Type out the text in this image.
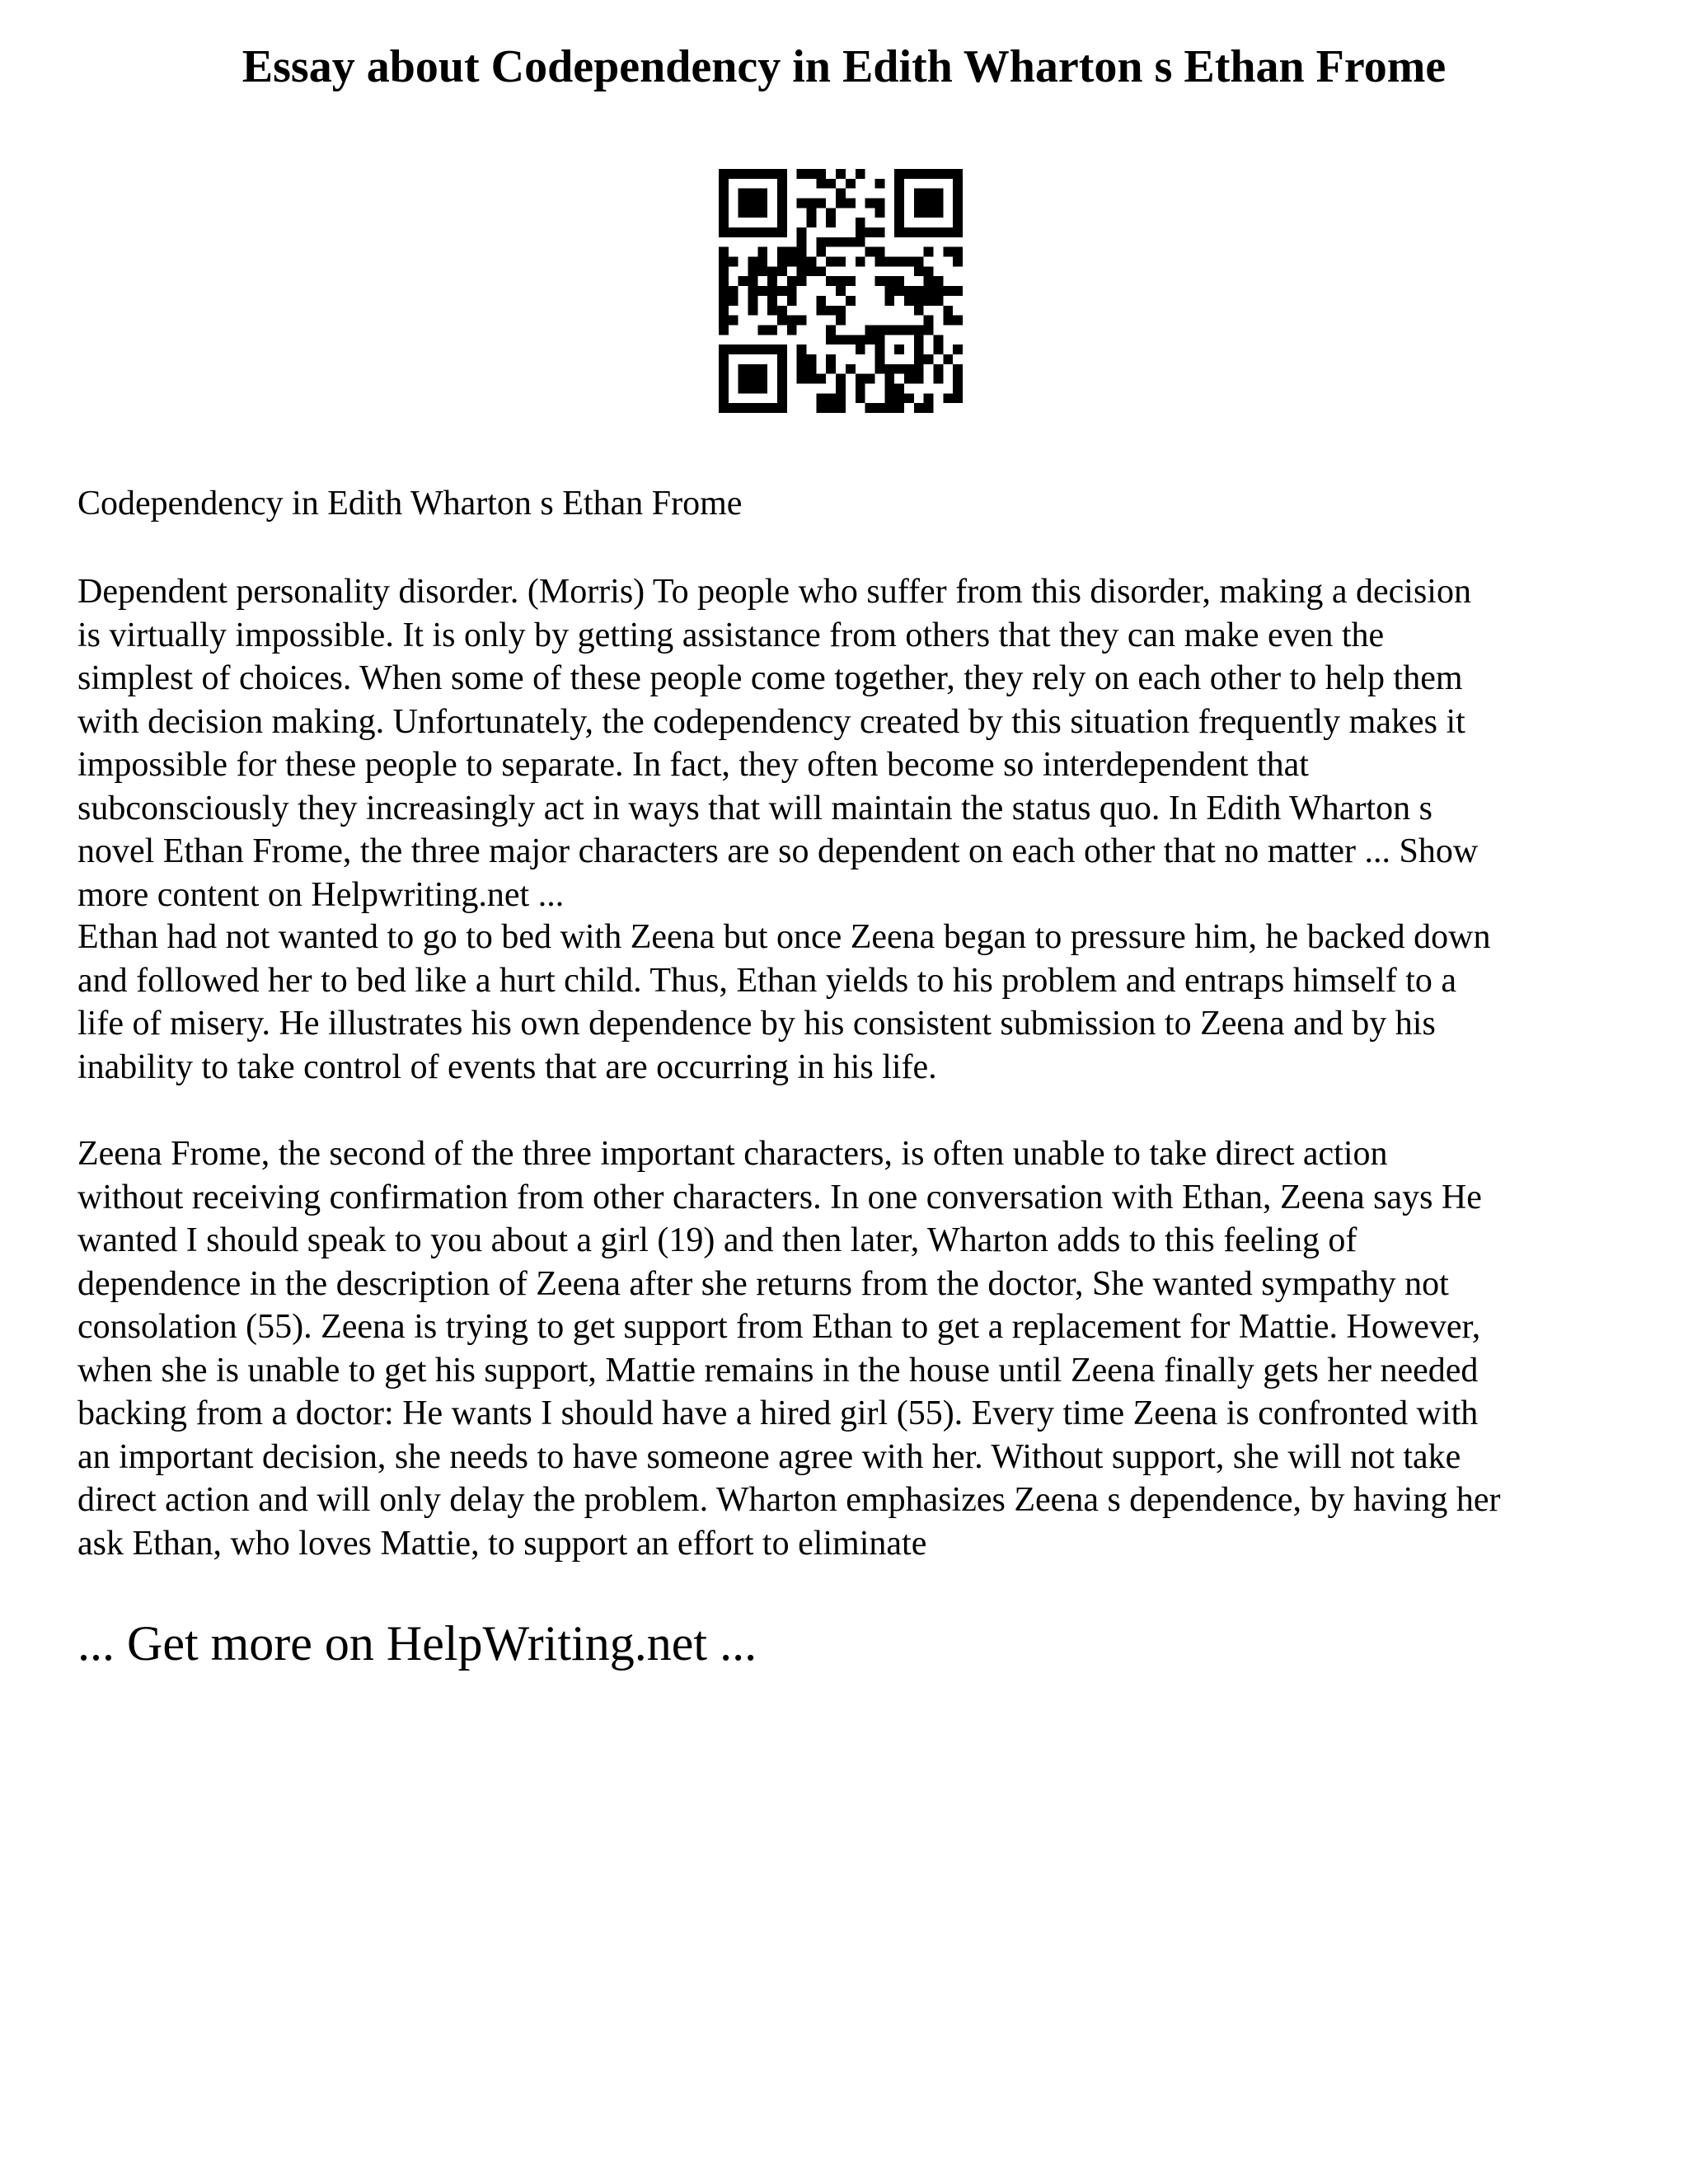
Essay about Codependency in Edith Wharton s Ethan Frome
Codependency in Edith Wharton s Ethan Frome
Dependent personality disorder. (Morris) To people who suffer from this disorder, making a decision
is virtually impossible. It is only by getting assistance from others that they can make even the
simplest of choices. When some of these people come together, they rely on each other to help them
with decision making. Unfortunately, the codependency created by this situation frequently makes it
impossible for these people to separate. In fact, they often become so interdependent that
subconsciously they increasingly act in ways that will maintain the status quo. In Edith Wharton s
novel Ethan Frome, the three major characters are so dependent on each other that no matter ... Show
more content on Helpwriting.net ...
Ethan had not wanted to go to bed with Zeena but once Zeena began to pressure him, he backed down
and followed her to bed like a hurt child. Thus, Ethan yields to his problem and entraps himself to a
life of misery. He illustrates his own dependence by his consistent submission to Zeena and by his
inability to take control of events that are occurring in his life.
Zeena Frome, the second of the three important characters, is often unable to take direct action
without receiving confirmation from other characters. In one conversation with Ethan, Zeena says He
wanted I should speak to you about a girl (19) and then later, Wharton adds to this feeling of
dependence in the description of Zeena after she returns from the doctor, She wanted sympathy not
consolation (55). Zeena is trying to get support from Ethan to get a replacement for Mattie. However,
when she is unable to get his support, Mattie remains in the house until Zeena finally gets her needed
backing from a doctor: He wants I should have a hired girl (55). Every time Zeena is confronted with
an important decision, she needs to have someone agree with her. Without support, she will not take
direct action and will only delay the problem. Wharton emphasizes Zeena s dependence, by having her
ask Ethan, who loves Mattie, to support an effort to eliminate
... Get more on HelpWriting.net ...
